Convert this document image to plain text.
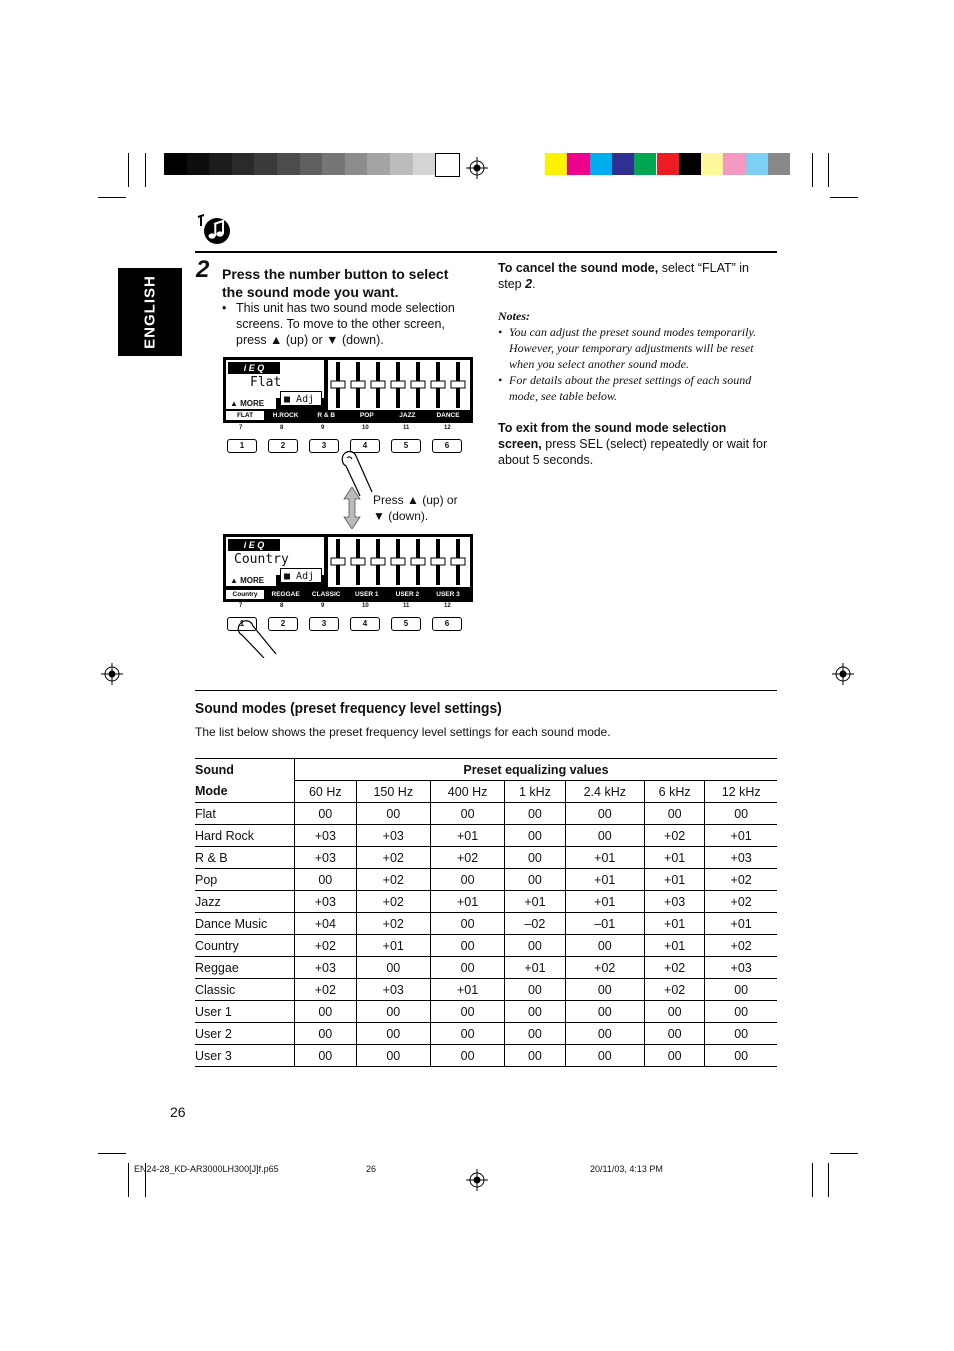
ENGLISH
2 Press the number button to select
the sound mode you want.
• This unit has two sound mode selection
screens. To move to the other screen,
press ▲ (up) or ▼ (down).
i E Q
Flat
▲ MORE	■ Adj
FLAT	H.ROCK	R & B	POP	JAZZ	DANCE
7	8	9	10	11	12
1	2	3	4	5	6
Press ▲ (up) or
▼ (down).
i E Q
Country
▲ MORE	■ Adj
Country	REGGAE	CLASSIC	USER 1	USER 2	USER 3
7	8	9	10	11	12
1	2	3	4	5	6
To cancel the sound mode, select “FLAT” in
step 2.
Notes:
• You can adjust the preset sound modes temporarily.
However, your temporary adjustments will be reset
when you select another sound mode.
• For details about the preset settings of each sound
mode, see table below.
To exit from the sound mode selection
screen, press SEL (select) repeatedly or wait for
about 5 seconds.
Sound modes (preset frequency level settings)
The list below shows the preset frequency level settings for each sound mode.
Sound	Preset equalizing values						
Mode	60 Hz	150 Hz	400 Hz	1 kHz	2.4 kHz	6 kHz	12 kHz
Flat	00	00	00	00	00	00	00
Hard Rock	+03	+03	+01	00	00	+02	+01
R & B	+03	+02	+02	00	+01	+01	+03
Pop	00	+02	00	00	+01	+01	+02
Jazz	+03	+02	+01	+01	+01	+03	+02
Dance Music	+04	+02	00	–02	–01	+01	+01
Country	+02	+01	00	00	00	+01	+02
Reggae	+03	00	00	+01	+02	+02	+03
Classic	+02	+03	+01	00	00	+02	00
User 1	00	00	00	00	00	00	00
User 2	00	00	00	00	00	00	00
User 3	00	00	00	00	00	00	00
26
EN24-28_KD-AR3000LH300[J]f.p65	26	20/11/03, 4:13 PM
